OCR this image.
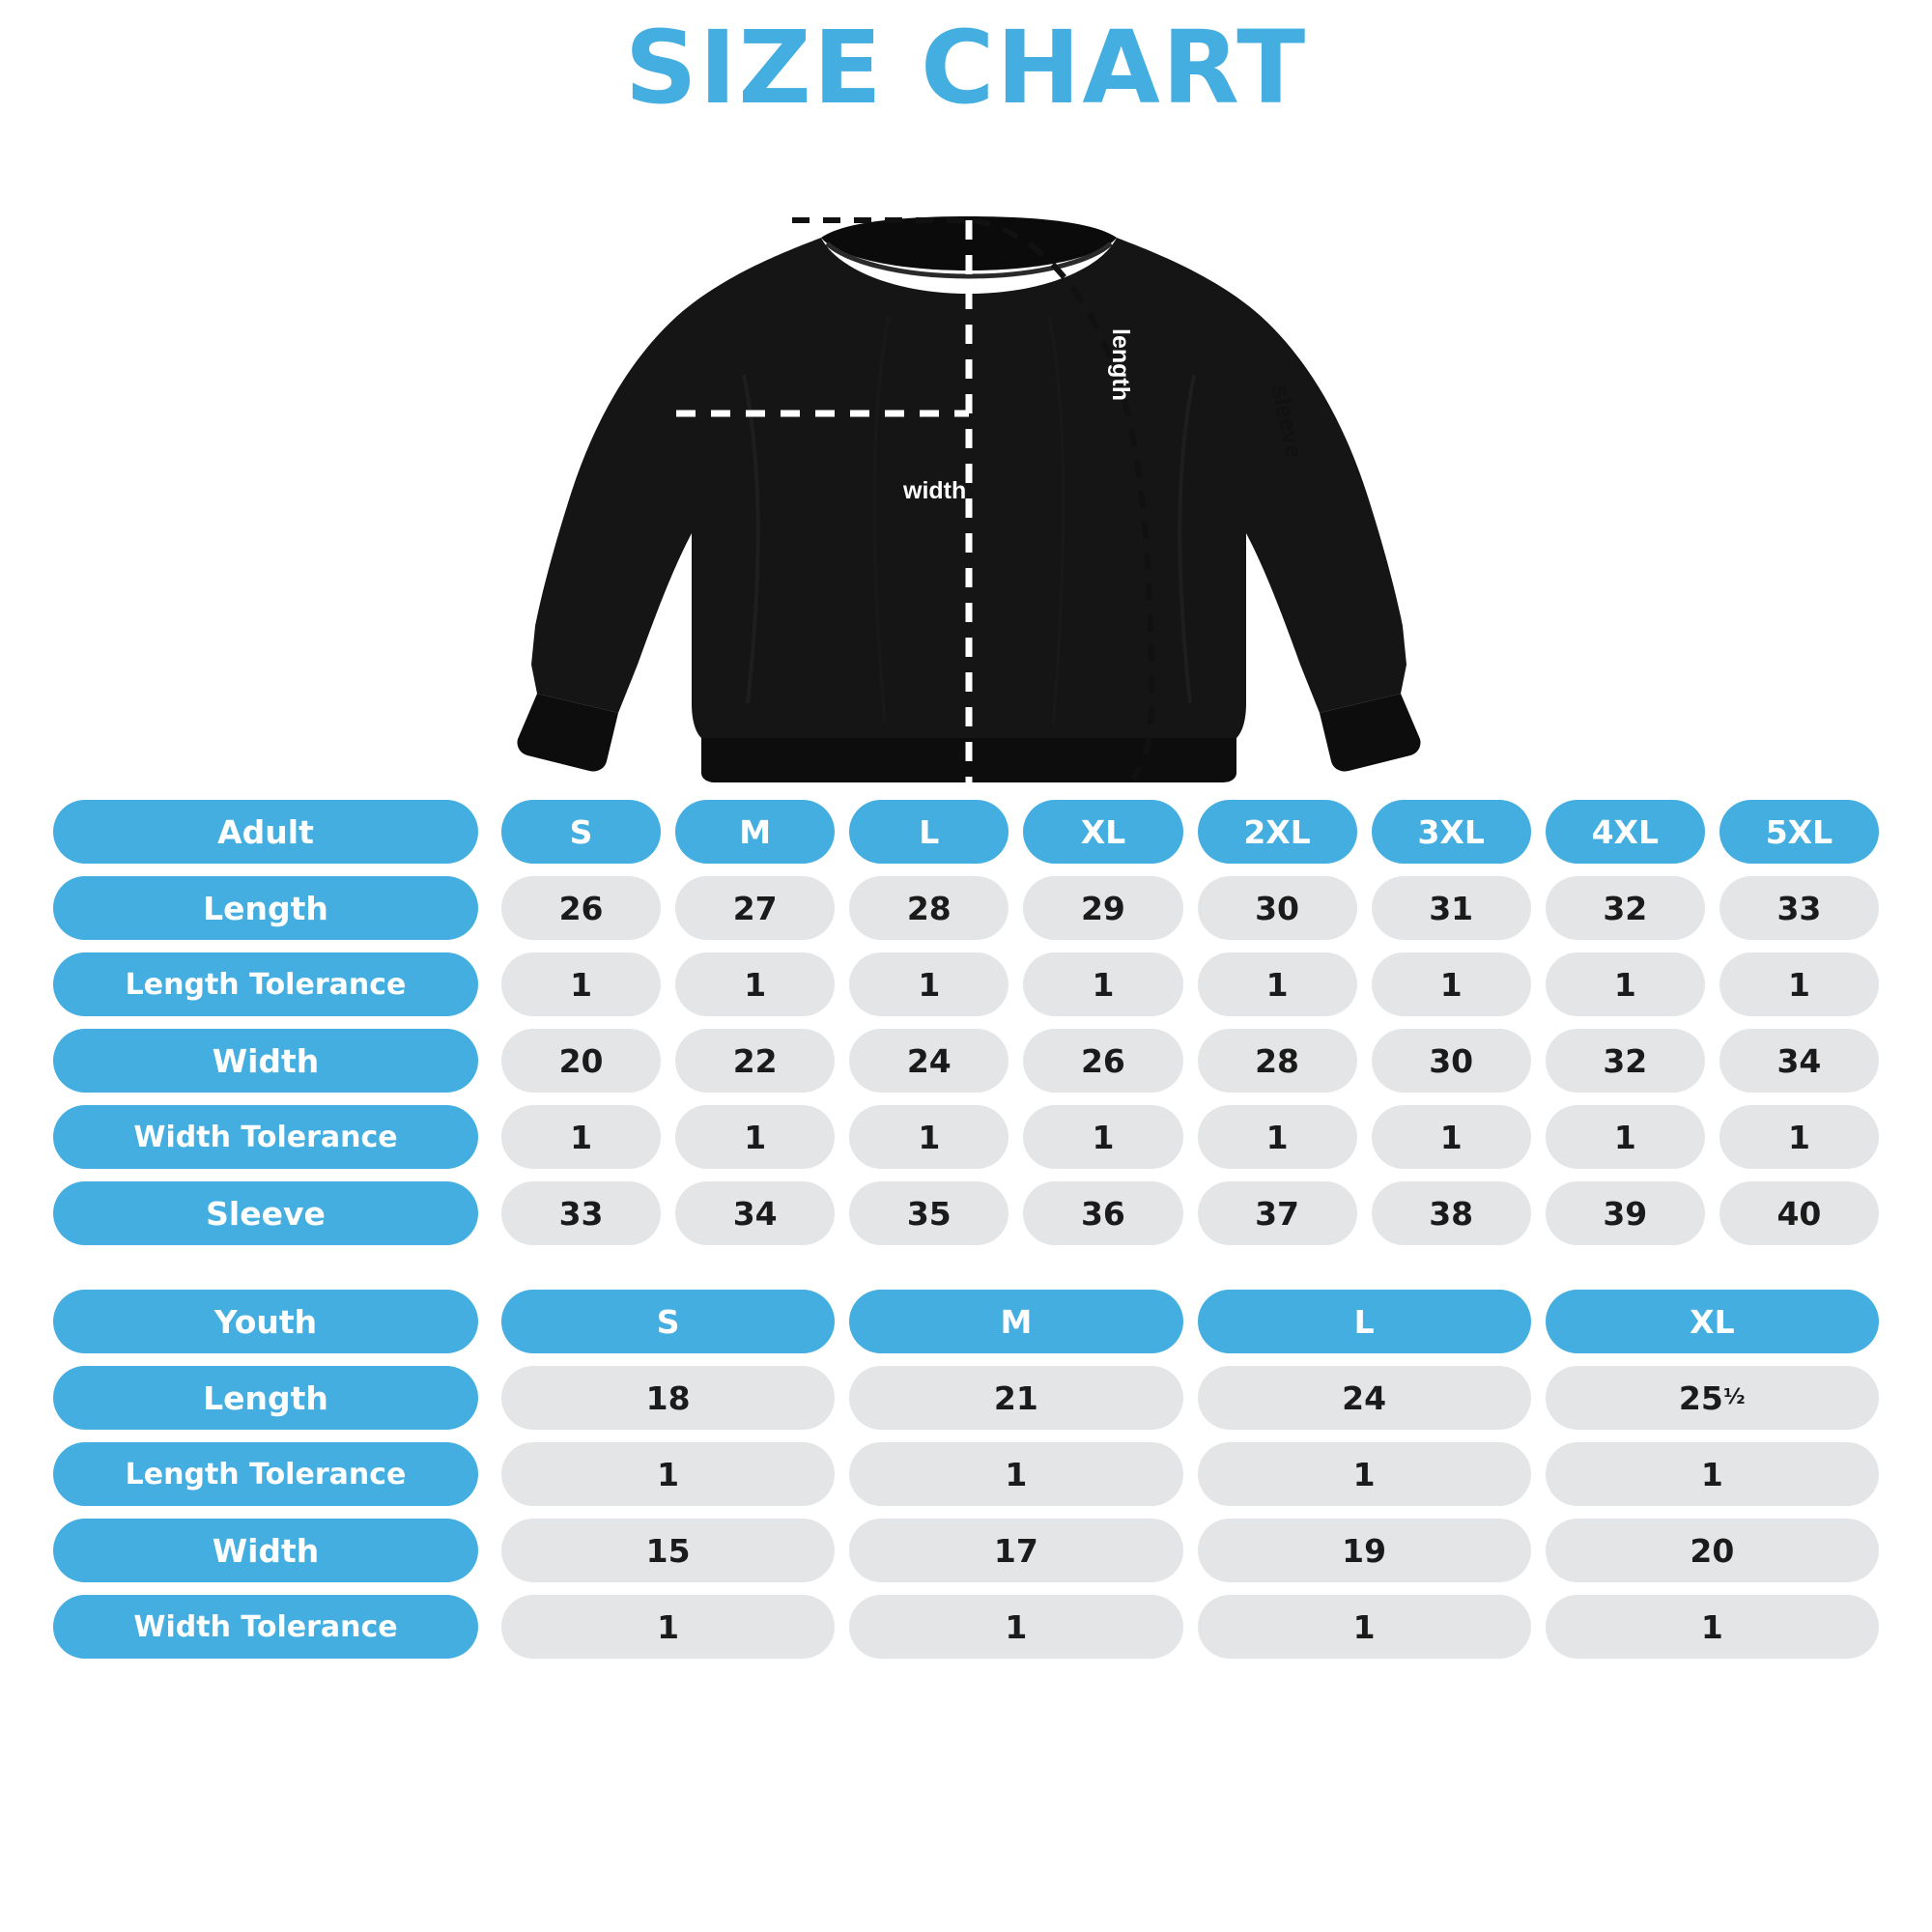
SIZE CHART
width
length
sleeve
Adult	S	M	L	XL	2XL	3XL	4XL	5XL
Length	26	27	28	29	30	31	32	33
Length Tolerance	1	1	1	1	1	1	1	1
Width	20	22	24	26	28	30	32	34
Width Tolerance	1	1	1	1	1	1	1	1
Sleeve	33	34	35	36	37	38	39	40
Youth	S	M	L	XL
Length	18	21	24	25 ¹⁄₂
Length Tolerance	1	1	1	1
Width	15	17	19	20
Width Tolerance	1	1	1	1
